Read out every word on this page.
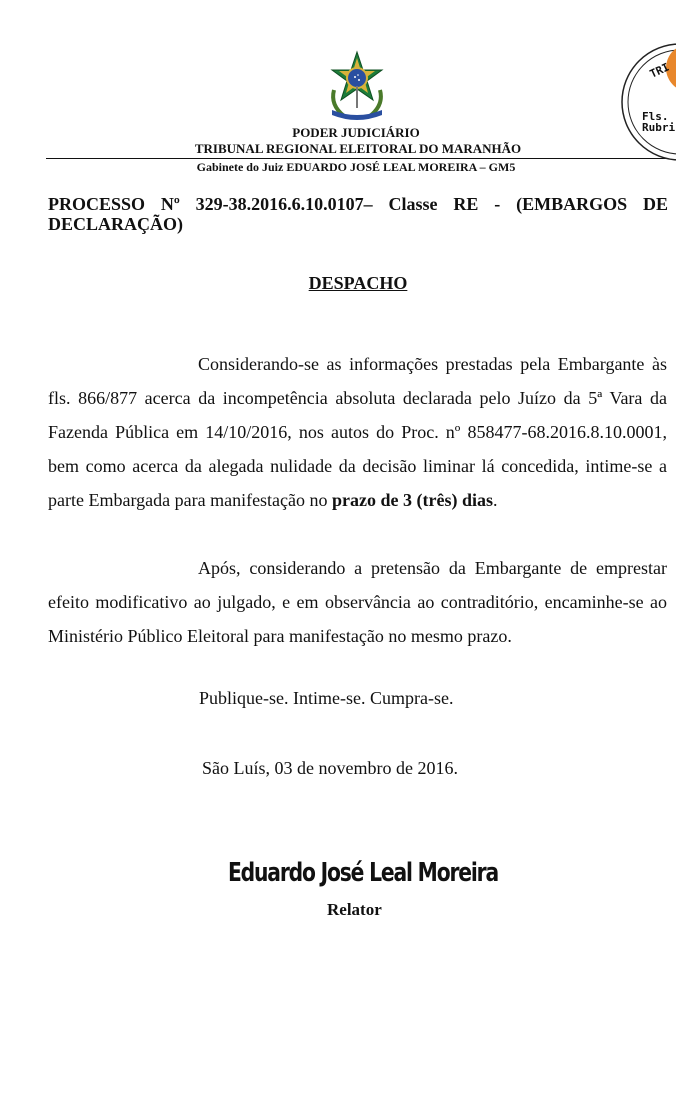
PODER JUDICIÁRIO
TRIBUNAL REGIONAL ELEITORAL DO MARANHÃO
Gabinete do Juiz EDUARDO JOSÉ LEAL MOREIRA – GM5
TRI
Fls.
Rubri
PROCESSO Nº 329-38.2016.6.10.0107– Classe RE - (EMBARGOS DE DECLARAÇÃO)
DESPACHO
Considerando-se as informações prestadas pela Embargante às fls. 866/877 acerca da incompetência absoluta declarada pelo Juízo da 5ª Vara da Fazenda Pública em 14/10/2016, nos autos do Proc. nº 858477-68.2016.8.10.0001, bem como acerca da alegada nulidade da decisão liminar lá concedida, intime-se a parte Embargada para manifestação no prazo de 3 (três) dias.
Após, considerando a pretensão da Embargante de emprestar efeito modificativo ao julgado, e em observância ao contraditório, encaminhe-se ao Ministério Público Eleitoral para manifestação no mesmo prazo.
Publique-se. Intime-se. Cumpra-se.
São Luís, 03 de novembro de 2016.
Eduardo José Leal Moreira
Relator
